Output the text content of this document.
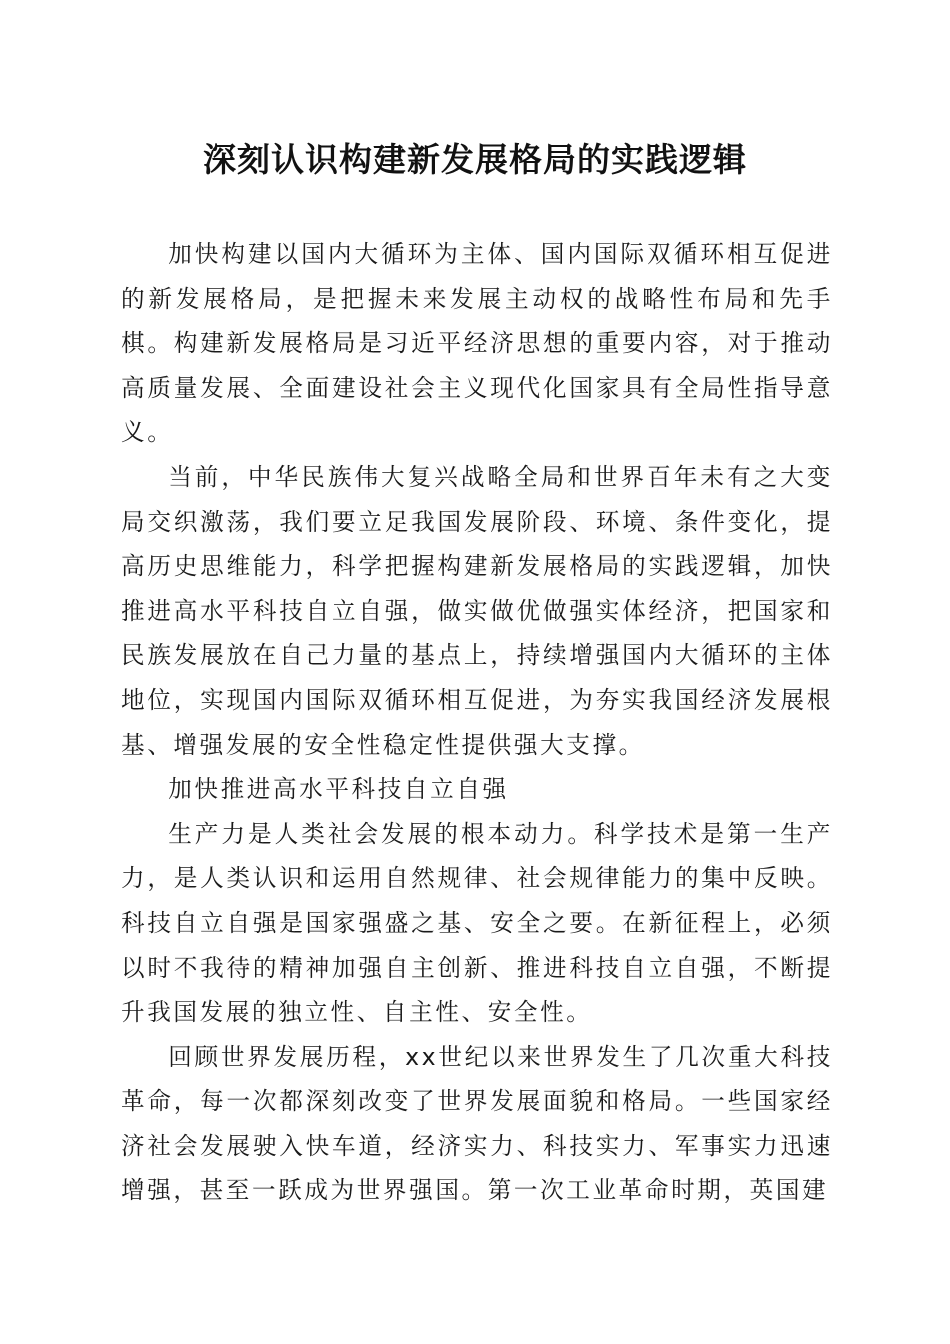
深刻认识构建新发展格局的实践逻辑

加快构建以国内大循环为主体、国内国际双循环相互促进的新发展格局，是把握未来发展主动权的战略性布局和先手棋。构建新发展格局是习近平经济思想的重要内容，对于推动高质量发展、全面建设社会主义现代化国家具有全局性指导意义。

当前，中华民族伟大复兴战略全局和世界百年未有之大变局交织激荡，我们要立足我国发展阶段、环境、条件变化，提高历史思维能力，科学把握构建新发展格局的实践逻辑，加快推进高水平科技自立自强，做实做优做强实体经济，把国家和民族发展放在自己力量的基点上，持续增强国内大循环的主体地位，实现国内国际双循环相互促进，为夯实我国经济发展根基、增强发展的安全性稳定性提供强大支撑。

加快推进高水平科技自立自强

生产力是人类社会发展的根本动力。科学技术是第一生产力，是人类认识和运用自然规律、社会规律能力的集中反映。科技自立自强是国家强盛之基、安全之要。在新征程上，必须以时不我待的精神加强自主创新、推进科技自立自强，不断提升我国发展的独立性、自主性、安全性。

回顾世界发展历程，xx世纪以来世界发生了几次重大科技革命，每一次都深刻改变了世界发展面貌和格局。一些国家经济社会发展驶入快车道，经济实力、科技实力、军事实力迅速增强，甚至一跃成为世界强国。第一次工业革命时期，英国建
